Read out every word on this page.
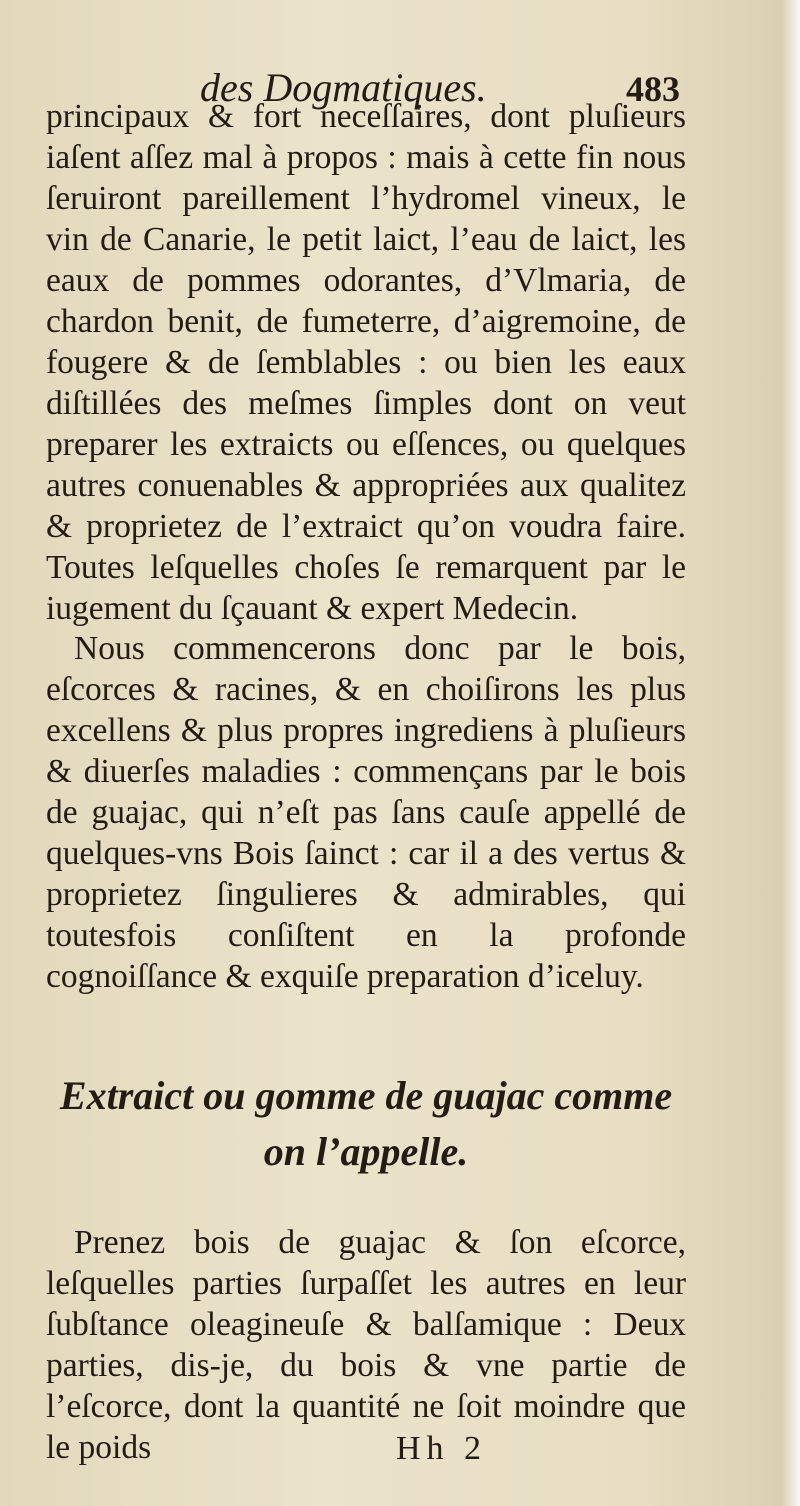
des Dogmatiques.	483

principaux & fort neceſſaires, dont pluſieurs iaſent aſſez mal à propos : mais à cette fin nous ſeruiront pareillement l’hydromel vineux, le vin de Canarie, le petit laict, l’eau de laict, les eaux de pommes odorantes, d’Vlmaria, de chardon benit, de fumeterre, d’aigremoine, de fougere & de ſemblables : ou bien les eaux diſtillées des meſmes ſimples dont on veut preparer les extraicts ou eſſences, ou quelques autres conuenables & appropriées aux qualitez & proprietez de l’extraict qu’on voudra faire. Toutes leſquelles choſes ſe remarquent par le iugement du ſçauant & expert Medecin.

Nous commencerons donc par le bois, eſcorces & racines, & en choiſirons les plus excellens & plus propres ingrediens à pluſieurs & diuerſes maladies : commençans par le bois de guajac, qui n’eſt pas ſans cauſe appellé de quelques-vns Bois ſainct : car il a des vertus & proprietez ſingulieres & admirables, qui toutesfois conſiſtent en la profonde cognoiſſance & exquiſe preparation d’iceluy.

Extraict ou gomme de guajac comme
on l’appelle.

Prenez bois de guajac & ſon eſcorce, leſquelles parties ſurpaſſet les autres en leur ſubſtance oleagineuſe & balſamique : Deux parties, dis-je, du bois & vne partie de l’eſcorce, dont la quantité ne ſoit moindre que le poids	Hh 2
